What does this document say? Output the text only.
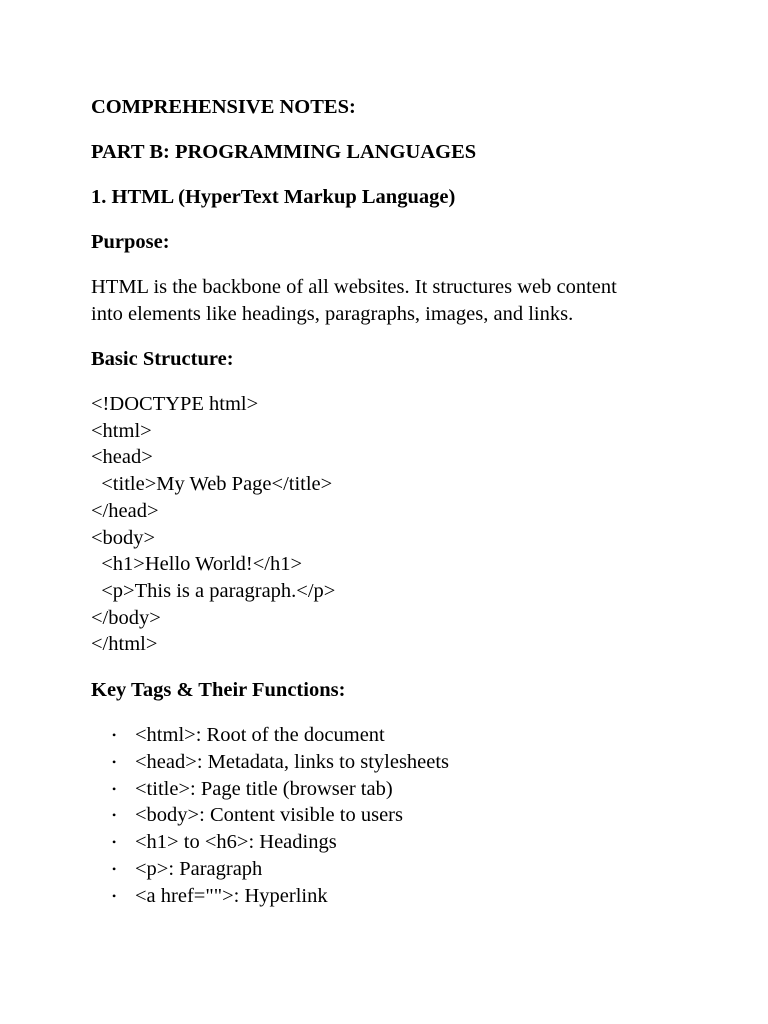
COMPREHENSIVE NOTES:
PART B: PROGRAMMING LANGUAGES
1. HTML (HyperText Markup Language)
Purpose:
HTML is the backbone of all websites. It structures web content
into elements like headings, paragraphs, images, and links.
Basic Structure:
<!DOCTYPE html>
<html>
<head>
<title>My Web Page</title>
</head>
<body>
<h1>Hello World!</h1>
<p>This is a paragraph.</p>
</body>
</html>
Key Tags & Their Functions:
• <html>: Root of the document
• <head>: Metadata, links to stylesheets
• <title>: Page title (browser tab)
• <body>: Content visible to users
• <h1> to <h6>: Headings
• <p>: Paragraph
• <a href="">: Hyperlink
